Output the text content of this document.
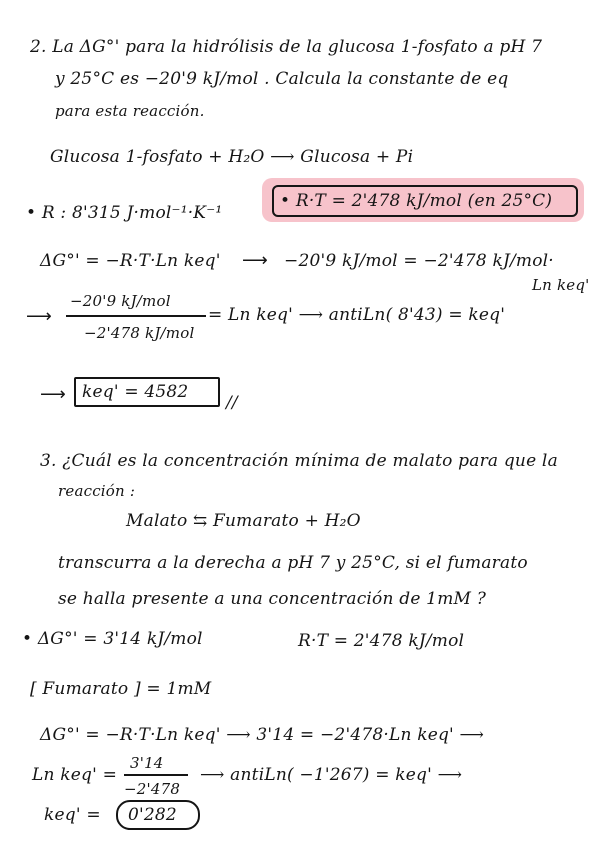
2. La ΔG°' para la hidrólisis de la glucosa 1-fosfato a pH 7
y 25°C es −20'9 kJ/mol . Calcula la constante de eq
para esta reacción.
Glucosa 1-fosfato + H₂O ⟶ Glucosa + Pi
• R : 8'315 J·mol⁻¹·K⁻¹
• R·T = 2'478 kJ/mol (en 25°C)
ΔG°' = −R·T·Ln keq' ⟶ −20'9 kJ/mol = −2'478 kJ/mol·
Ln keq'
⟶
−20'9 kJ/mol
−2'478 kJ/mol
= Ln keq' ⟶ antiLn( 8'43) = keq'
⟶ keq' = 4582
//
3. ¿Cuál es la concentración mínima de malato para que la
reacción :
Malato ⇆ Fumarato + H₂O
transcurra a la derecha a pH 7 y 25°C, si el fumarato
se halla presente a una concentración de 1mM ?
• ΔG°' = 3'14 kJ/mol	R·T = 2'478 kJ/mol
[ Fumarato ] = 1mM
ΔG°' = −R·T·Ln keq' ⟶ 3'14 = −2'478·Ln keq' ⟶
Ln keq' =
3'14
−2'478
⟶ antiLn( −1'267) = keq' ⟶
keq' = 0'282
